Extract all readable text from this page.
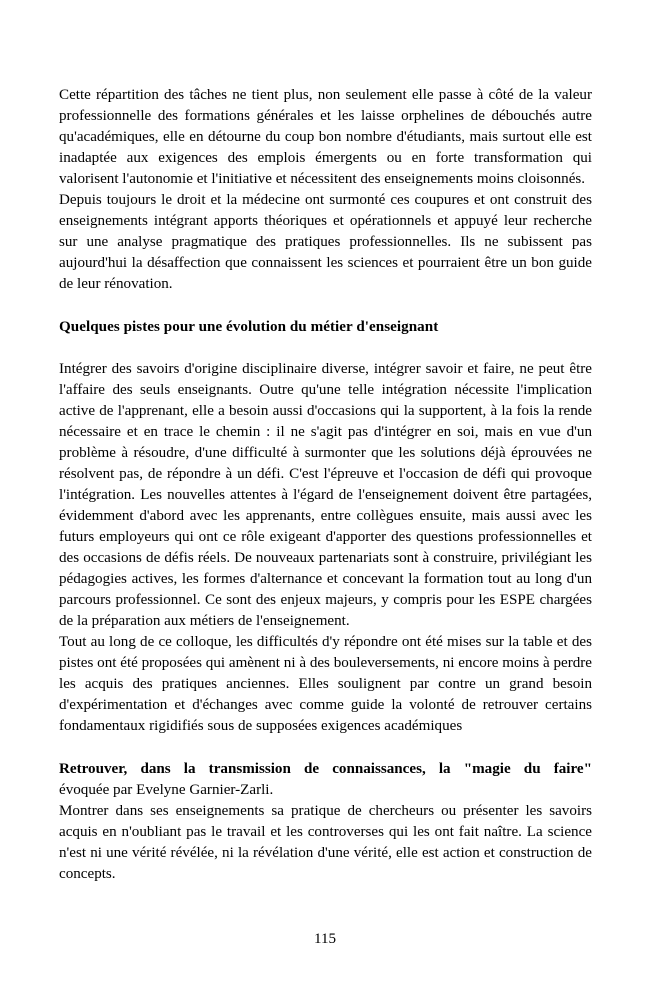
Cette répartition des tâches ne tient plus, non seulement elle passe à côté de la valeur professionnelle des formations générales et les laisse orphelines de débouchés autre qu'académiques, elle en détourne du coup bon nombre d'étudiants, mais surtout elle est inadaptée aux exigences des emplois émergents ou en forte transformation qui valorisent l'autonomie et l'initiative et nécessitent des enseignements moins cloisonnés.

Depuis toujours le droit et la médecine ont surmonté ces coupures et ont construit des enseignements intégrant apports théoriques et opérationnels et appuyé leur recherche sur une analyse pragmatique des pratiques professionnelles. Ils ne subissent pas aujourd'hui la désaffection que connaissent les sciences et pourraient être un bon guide de leur rénovation.

Quelques pistes pour une évolution du métier d'enseignant

Intégrer des savoirs d'origine disciplinaire diverse, intégrer savoir et faire, ne peut être l'affaire des seuls enseignants. Outre qu'une telle intégration nécessite l'implication active de l'apprenant, elle a besoin aussi d'occasions qui la supportent, à la fois la rende nécessaire et en trace le chemin : il ne s'agit pas d'intégrer en soi, mais en vue d'un problème à résoudre, d'une difficulté à surmonter que les solutions déjà éprouvées ne résolvent pas, de répondre à un défi. C'est l'épreuve et l'occasion de défi qui provoque l'intégration. Les nouvelles attentes à l'égard de l'enseignement doivent être partagées, évidemment d'abord avec les apprenants, entre collègues ensuite, mais aussi avec les futurs employeurs qui ont ce rôle exigeant d'apporter des questions professionnelles et des occasions de défis réels. De nouveaux partenariats sont à construire, privilégiant les pédagogies actives, les formes d'alternance et concevant la formation tout au long d'un parcours professionnel. Ce sont des enjeux majeurs, y compris pour les ESPE chargées de la préparation aux métiers de l'enseignement.

Tout au long de ce colloque, les difficultés d'y répondre ont été mises sur la table et des pistes ont été proposées qui amènent ni à des bouleversements, ni encore moins à perdre les acquis des pratiques anciennes. Elles soulignent par contre un grand besoin d'expérimentation et d'échanges avec comme guide la volonté de retrouver certains fondamentaux rigidifiés sous de supposées exigences académiques

Retrouver, dans la transmission de connaissances, la "magie du faire"
évoquée par Evelyne Garnier-Zarli.

Montrer dans ses enseignements sa pratique de chercheurs ou présenter les savoirs acquis en n'oubliant pas le travail et les controverses qui les ont fait naître. La science n'est ni une vérité révélée, ni la révélation d'une vérité, elle est action et construction de concepts.

115
